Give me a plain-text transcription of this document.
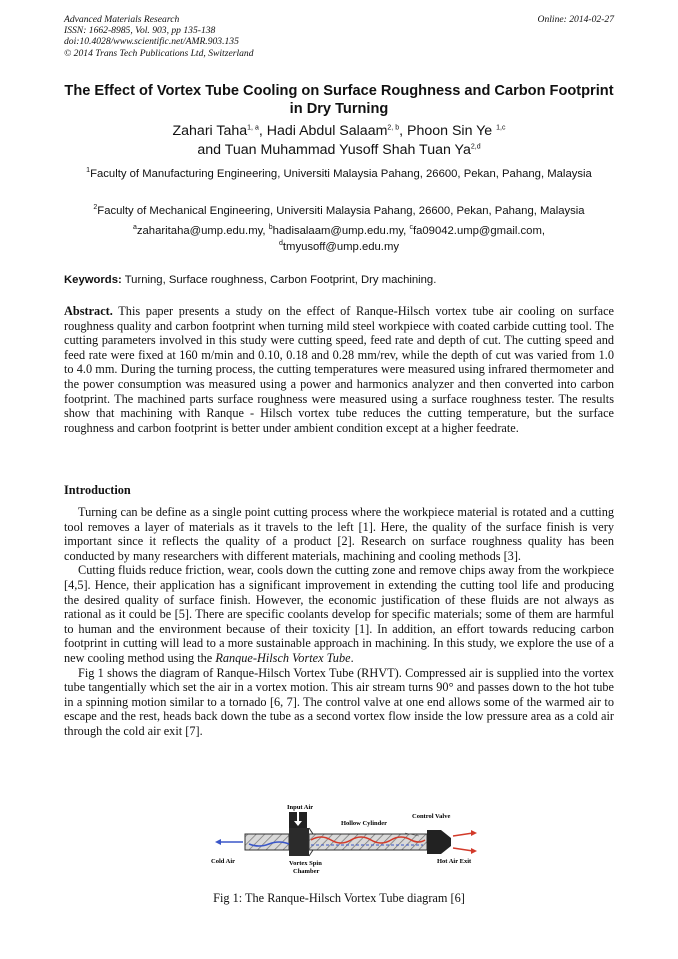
Advanced Materials Research
ISSN: 1662-8985, Vol. 903, pp 135-138
doi:10.4028/www.scientific.net/AMR.903.135
© 2014 Trans Tech Publications Ltd, Switzerland
Online: 2014-02-27
The Effect of Vortex Tube Cooling on Surface Roughness and Carbon Footprint in Dry Turning
Zahari Taha$^{1, a}$, Hadi Abdul Salaam$^{2, b}$, Phoon Sin Ye $^{1,c}$
and Tuan Muhammad Yusoff Shah Tuan Ya$^{2,d}$
$^1$Faculty of Manufacturing Engineering, Universiti Malaysia Pahang, 26600, Pekan, Pahang, Malaysia
$^2$Faculty of Mechanical Engineering, Universiti Malaysia Pahang, 26600, Pekan, Pahang, Malaysia
$^a$zaharitaha@ump.edu.my, $^b$hadisalaam@ump.edu.my, $^c$fa09042.ump@gmail.com,
$^d$tmyusoff@ump.edu.my
Keywords: Turning, Surface roughness, Carbon Footprint, Dry machining.
Abstract. This paper presents a study on the effect of Ranque-Hilsch vortex tube air cooling on surface roughness quality and carbon footprint when turning mild steel workpiece with coated carbide cutting tool. The cutting parameters involved in this study were cutting speed, feed rate and depth of cut. The cutting speed and feed rate were fixed at 160 m/min and 0.10, 0.18 and 0.28 mm/rev, while the depth of cut was varied from 1.0 to 4.0 mm. During the turning process, the cutting temperatures were measured using infrared thermometer and the power consumption was measured using a power and harmonics analyzer and then converted into carbon footprint. The machined parts surface roughness were measured using a surface roughness tester. The results show that machining with Ranque - Hilsch vortex tube reduces the cutting temperature, but the surface roughness and carbon footprint is better under ambient condition except at a higher feedrate.
Introduction

Turning can be define as a single point cutting process where the workpiece material is rotated and a cutting tool removes a layer of materials as it travels to the left [1]. Here, the quality of the surface finish is very important since it reflects the quality of a product [2]. Research on surface roughness quality has been conducted by many researchers with different materials, machining and cooling methods [3].

Cutting fluids reduce friction, wear, cools down the cutting zone and remove chips away from the workpiece [4,5]. Hence, their application has a significant improvement in extending the cutting tool life and producing the desired quality of surface finish. However, the economic justification of these fluids are not always as rational as it could be [5]. There are specific coolants develop for specific materials; some of them are harmful to human and the environment because of their toxicity [1]. In addition, an effort towards reducing carbon footprint in cutting will lead to a more sustainable approach in machining. In this study, we explore the use of a new cooling method using the Ranque-Hilsch Vortex Tube.

Fig 1 shows the diagram of Ranque-Hilsch Vortex Tube (RHVT). Compressed air is supplied into the vortex tube tangentially which set the air in a vortex motion. This air stream turns 90° and passes down to the hot tube in a spinning motion similar to a tornado [6, 7]. The control valve at one end allows some of the warmed air to escape and the rest, heads back down the tube as a second vortex flow inside the low pressure area as a cold air through the cold air exit [7].

Input Air
Hollow Cylinder
Control Valve
Cold Air	Vortex Spin
Chamber
Hot Air Exit
Fig 1: The Ranque-Hilsch Vortex Tube diagram [6]
